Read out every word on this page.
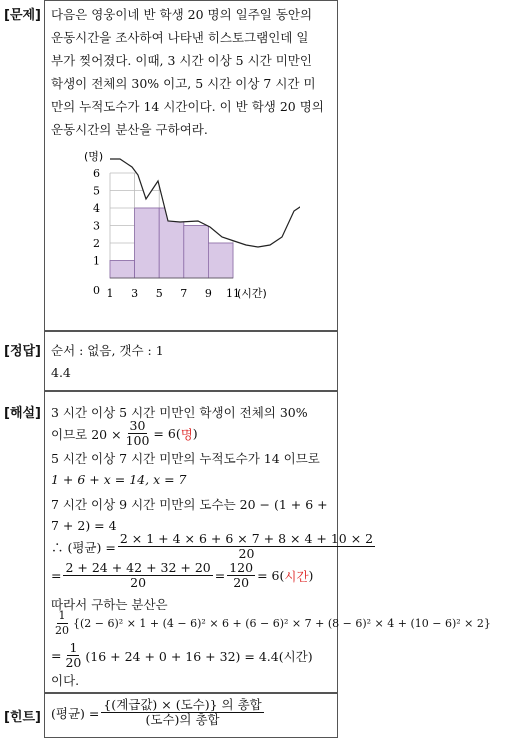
[문제]
[정답]
[해설]
[힌트]
다음은 영웅이네 반 학생 20 명의 일주일 동안의
운동시간을 조사하여 나타낸 히스토그램인데 일
부가 찢어졌다. 이때, 3 시간 이상 5 시간 미만인
학생이 전체의 30% 이고, 5 시간 이상 7 시간 미
만의 누적도수가 14 시간이다. 이 반 학생 20 명의
운동시간의 분산을 구하여라.
1
2
3
4
5
6
1 3 5 7 9 11
0
(명)
(시간)
순서 : 없음, 갯수 : 1
4.4
3 시간 이상 5 시간 미만인 학생이 전체의 30%
이므로 $20 \times \frac{30}{100} = 6$( 명 )
5 시간 이상 7 시간 미만의 누적도수가 14 이므로
1 + 6 + x = 14, x = 7
7 시간 이상 9 시간 미만의 도수는 20 − (1 + 6 +
7 + 2) = 4
∴ (평균) = $\frac{2 \times 1 + 4 \times 6 + 6 \times 7 + 8 \times 4 + 10 \times 2}{20}$
= $\frac{2 + 24 + 42 + 32 + 20}{20} = \frac{120}{20} = 6$( 시간 )
따라서 구하는 분산은
$\frac{1}{20} \{(2 - 6)^2 \times 1 + (4 - 6)^2 \times 6 + (6 - 6)^2 \times 7 + (8 - 6)^2 \times 4 + (10 - 6)^2 \times 2\}$
= $\frac{1}{20} (16 + 24 + 0 + 16 + 32) = 4.4$(시간)
이다.
(평균) = $\frac{\text{\{(계급값) × (도수)\} 의 총합}}{\text{(도수)의 총합}}$
